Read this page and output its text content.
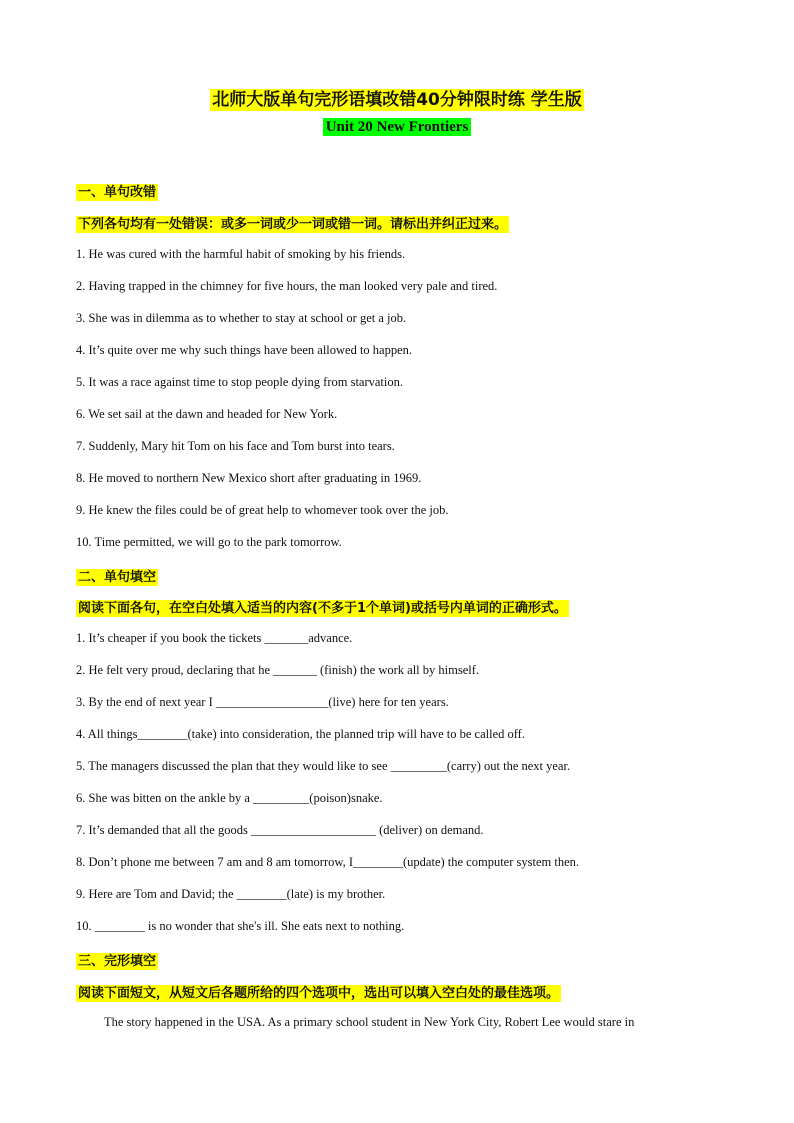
北师大版单句完形语填改错40分钟限时练 学生版
Unit 20 New Frontiers
一、单句改错
下列各句均有一处错误：或多一词或少一词或错一词。请标出并纠正过来。
1. He was cured with the harmful habit of smoking by his friends.
2. Having trapped in the chimney for five hours, the man looked very pale and tired.
3. She was in dilemma as to whether to stay at school or get a job.
4. It’s quite over me why such things have been allowed to happen.
5. It was a race against time to stop people dying from starvation.
6. We set sail at the dawn and headed for New York.
7. Suddenly, Mary hit Tom on his face and Tom burst into tears.
8. He moved to northern New Mexico short after graduating in 1969.
9. He knew the files could be of great help to whomever took over the job.
10. Time permitted, we will go to the park tomorrow.
二、单句填空
阅读下面各句，在空白处填入适当的内容(不多于1个单词)或括号内单词的正确形式。
1. It’s cheaper if you book the tickets _______advance.
2. He felt very proud, declaring that he _______ (finish) the work all by himself.
3. By the end of next year I __________________(live) here for ten years.
4. All things________(take) into consideration, the planned trip will have to be called off.
5. The managers discussed the plan that they would like to see _________(carry) out the next year.
6. She was bitten on the ankle by a _________(poison)snake.
7. It’s demanded that all the goods ____________________ (deliver) on demand.
8. Don’t phone me between 7 am and 8 am tomorrow, I________(update) the computer system then.
9. Here are Tom and David; the ________(late) is my brother.
10. ________ is no wonder that she's ill. She eats next to nothing.
三、完形填空
阅读下面短文，从短文后各题所给的四个选项中，选出可以填入空白处的最佳选项。
The story happened in the USA. As a primary school student in New York City, Robert Lee would stare in
